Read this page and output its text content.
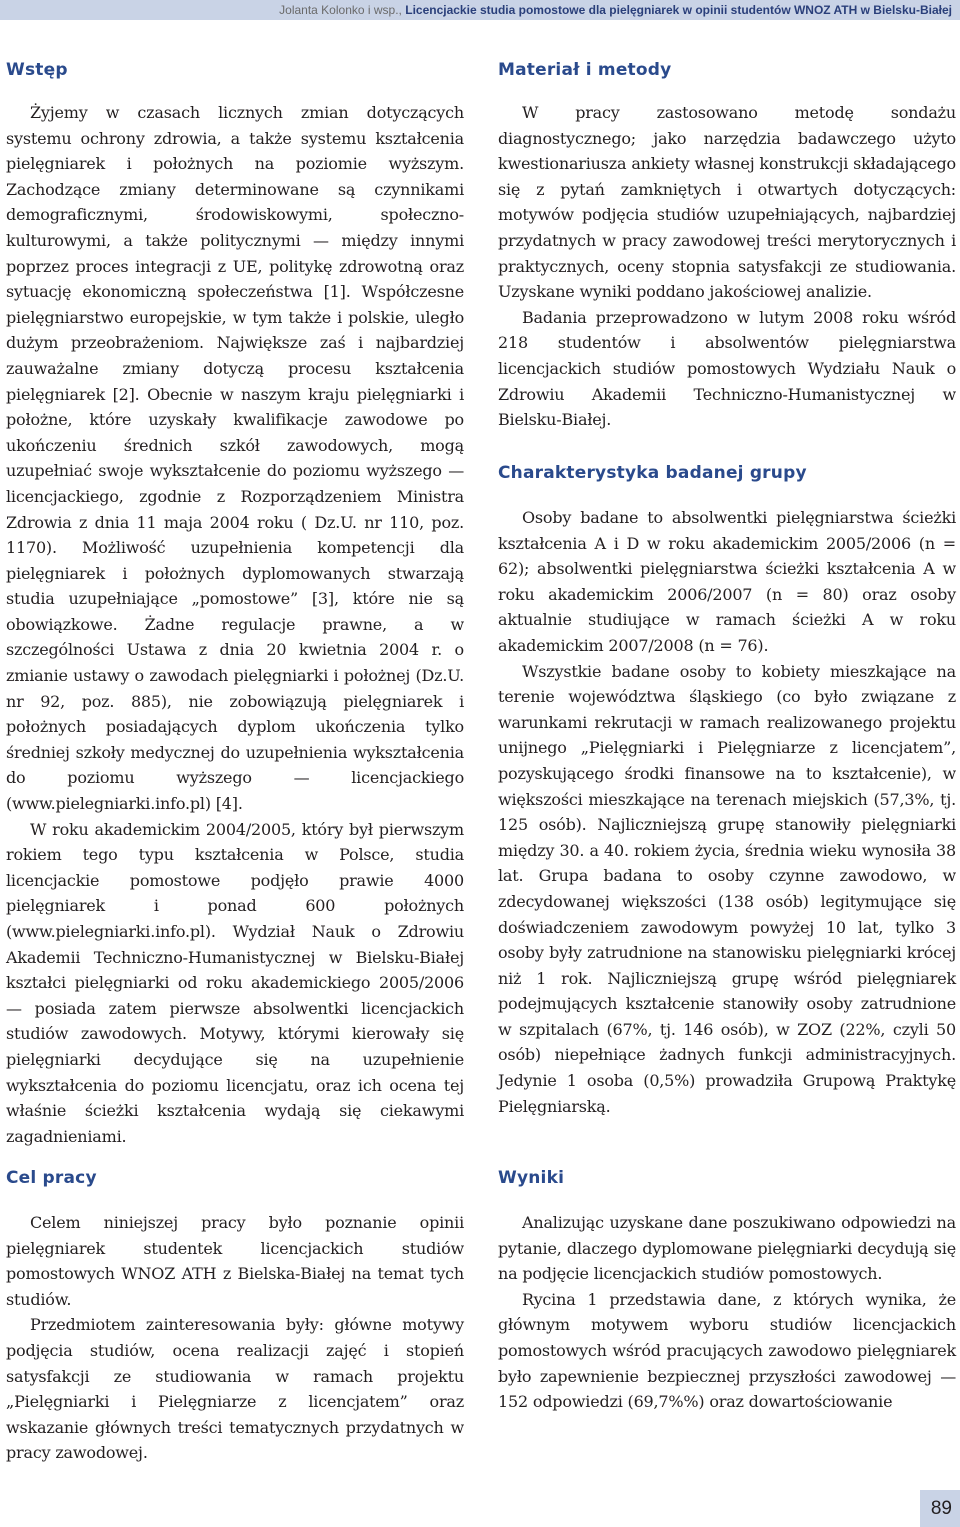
Jolanta Kolonko i wsp., Licencjackie studia pomostowe dla pielęgniarek w opinii studentów WNOZ ATH w Bielsku-Białej
Wstęp

Żyjemy w czasach licznych zmian dotyczących systemu ochrony zdrowia, a także systemu kształcenia pielęgniarek i położnych na poziomie wyższym. Zachodzące zmiany determinowane są czynnikami demograficznymi, środowiskowymi, społeczno-kulturowymi, a także politycznymi — między innymi poprzez proces integracji z UE, politykę zdrowotną oraz sytuację ekonomiczną społeczeństwa [1]. Współczesne pielęgniarstwo europejskie, w tym także i polskie, uległo dużym przeobrażeniom. Największe zaś i najbardziej zauważalne zmiany dotyczą procesu kształcenia pielęgniarek [2]. Obecnie w naszym kraju pielęgniarki i położne, które uzyskały kwalifikacje zawodowe po ukończeniu średnich szkół zawodowych, mogą uzupełniać swoje wykształcenie do poziomu wyższego — licencjackiego, zgodnie z Rozporządzeniem Ministra Zdrowia z dnia 11 maja 2004 roku ( Dz.U. nr 110, poz. 1170). Możliwość uzupełnienia kompetencji dla pielęgniarek i położnych dyplomowanych stwarzają studia uzupełniające „pomostowe” [3], które nie są obowiązkowe. Żadne regulacje prawne, a w szczególności Ustawa z dnia 20 kwietnia 2004 r. o zmianie ustawy o zawodach pielęgniarki i położnej (Dz.U. nr 92, poz. 885), nie zobowiązują pielęgniarek i położnych posiadających dyplom ukończenia tylko średniej szkoły medycznej do uzupełnienia wykształcenia do poziomu wyższego — licencjackiego (www.pielegniarki.info.pl) [4].

W roku akademickim 2004/2005, który był pierwszym rokiem tego typu kształcenia w Polsce, studia licencjackie pomostowe podjęło prawie 4000 pielęgniarek i ponad 600 położnych (www.pielegniarki.info.pl). Wydział Nauk o Zdrowiu Akademii Techniczno-Humanistycznej w Bielsku-Białej kształci pielęgniarki od roku akademickiego 2005/2006 — posiada zatem pierwsze absolwentki licencjackich studiów zawodowych. Motywy, którymi kierowały się pielęgniarki decydujące się na uzupełnienie wykształcenia do poziomu licencjatu, oraz ich ocena tej właśnie ścieżki kształcenia wydają się ciekawymi zagadnieniami.

Cel pracy

Celem niniejszej pracy było poznanie opinii pielęgniarek studentek licencjackich studiów pomostowych WNOZ ATH z Bielska-Białej na temat tych studiów.

Przedmiotem zainteresowania były: główne motywy podjęcia studiów, ocena realizacji zajęć i stopień satysfakcji ze studiowania w ramach projektu „Pielęgniarki i Pielęgniarze z licencjatem” oraz wskazanie głównych treści tematycznych przydatnych w pracy zawodowej.

Materiał i metody

W pracy zastosowano metodę sondażu diagnostycznego; jako narzędzia badawczego użyto kwestionariusza ankiety własnej konstrukcji składającego się z pytań zamkniętych i otwartych dotyczących: motywów podjęcia studiów uzupełniających, najbardziej przydatnych w pracy zawodowej treści merytorycznych i praktycznych, oceny stopnia satysfakcji ze studiowania. Uzyskane wyniki poddano jakościowej analizie.

Badania przeprowadzono w lutym 2008 roku wśród 218 studentów i absolwentów pielęgniarstwa licencjackich studiów pomostowych Wydziału Nauk o Zdrowiu Akademii Techniczno-Humanistycznej w Bielsku-Białej.

Charakterystyka badanej grupy

Osoby badane to absolwentki pielęgniarstwa ścieżki kształcenia A i D w roku akademickim 2005/2006 (n = 62); absolwentki pielęgniarstwa ścieżki kształcenia A w roku akademickim 2006/2007 (n = 80) oraz osoby aktualnie studiujące w ramach ścieżki A w roku akademickim 2007/2008 (n = 76).

Wszystkie badane osoby to kobiety mieszkające na terenie województwa śląskiego (co było związane z warunkami rekrutacji w ramach realizowanego projektu unijnego „Pielęgniarki i Pielęgniarze z licencjatem”, pozyskującego środki finansowe na to kształcenie), w większości mieszkające na terenach miejskich (57,3%, tj. 125 osób). Najliczniejszą grupę stanowiły pielęgniarki między 30. a 40. rokiem życia, średnia wieku wynosiła 38 lat. Grupa badana to osoby czynne zawodowo, w zdecydowanej większości (138 osób) legitymujące się doświadczeniem zawodowym powyżej 10 lat, tylko 3 osoby były zatrudnione na stanowisku pielęgniarki krócej niż 1 rok. Najliczniejszą grupę wśród pielęgniarek podejmujących kształcenie stanowiły osoby zatrudnione w szpitalach (67%, tj. 146 osób), w ZOZ (22%, czyli 50 osób) niepełniące żadnych funkcji administracyjnych. Jedynie 1 osoba (0,5%) prowadziła Grupową Praktykę Pielęgniarską.

Wyniki

Analizując uzyskane dane poszukiwano odpowiedzi na pytanie, dlaczego dyplomowane pielęgniarki decydują się na podjęcie licencjackich studiów pomostowych.

Rycina 1 przedstawia dane, z których wynika, że głównym motywem wyboru studiów licencjackich pomostowych wśród pracujących zawodowo pielęgniarek było zapewnienie bezpiecznej przyszłości zawodowej — 152 odpowiedzi (69,7%%) oraz dowartościowanie

89
